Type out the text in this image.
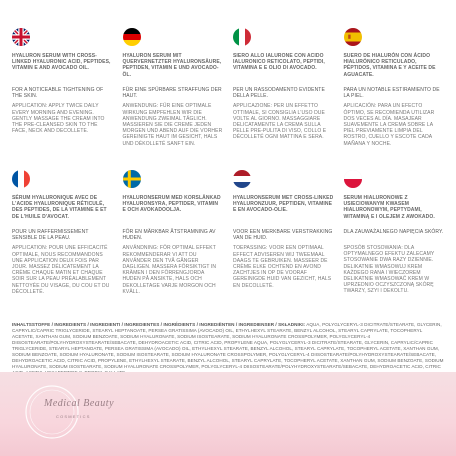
HYALURON SERUM WITH CROSS-LINKED HYALURONIC ACID, PEPTIDES, VITAMIN E AND AVOCADO OIL.
FOR A NOTICEABLE TIGHTENING OF THE SKIN.
APPLICATION: APPLY TWICE DAILY EVERY MORNING AND EVENING. GENTLY MASSAGE THE CREAM INTO THE PRE-CLEANSED SKIN TO THE FACE, NECK AND DECOLLETE.
HYALURON SERUM MIT QUERVERNETZTER HYALURONSÄURE, PEPTIDEN, VITAMIN E UND AVOCADO-ÖL.
FÜR EINE SPÜRBARE STRAFFUNG DER HAUT.
ANWENDUNG: FÜR EINE OPTIMALE WIRKUNG EMPFEHLEN WIR DIE ANWENDUNG ZWEIMAL TÄGLICH. MASSIEREN SIE DIE CREME JEDEN MORGEN UND ABEND AUF DIE VORHER GEREINIGTE HAUT IM GESICHT, HALS UND DÉKOLLETÉ SANFT EIN.
SIERO ALLO IALURONE CON ACIDO IALURONICO RETICOLATO, PEPTIDI, VITAMINA E E OLIO DI AVOCADO.
PER UN RASSODAMENTO EVIDENTE DELLA PELLE.
APPLICAZIONE: PER UN EFFETTO OTTIMALE, SI CONSIGLIA L'USO DUE VOLTE AL GIORNO. MASSAGGIARE DELICATAMENTE LA CREMA SULLA PELLE PRE-PULITA DI VISO, COLLO E DÉCOLLETÉ OGNI MATTINA E SERA.
SUERO DE HIALURÓN CON ÁCIDO HIALURÓNICO RETICULADO, PÉPTIDOS, VITAMINA E Y ACEITE DE AGUACATE.
PARA UN NOTABLE ESTIRAMIENTO DE LA PIEL.
APLICACIÓN: PARA UN EFECTO ÓPTIMO, SE RECOMIENDA UTILIZAR DOS VECES AL DÍA. MASAJEAR SUAVEMENTE LA CREMA SOBRE LA PIEL PREVIAMENTE LIMPIA DEL ROSTRO, CUELLO Y ESCOTE CADA MAÑANA Y NOCHE.
SÉRUM HYALURONIQUE AVEC DE L'ACIDE HYALURONIQUE RÉTICULÉ, DES PEPTIDES, DE LA VITAMINE E ET DE L'HUILE D'AVOCAT.
POUR UN RAFFERMISSEMENT SENSIBLE DE LA PEAU.
APPLICATION: POUR UNE EFFICACITÉ OPTIMALE, NOUS RECOMMANDONS UNE APPLICATION DEUX FOIS PAR JOUR. MASSEZ DÉLICATEMENT LA CRÈME CHAQUE MATIN ET CHAQUE SOIR SUR LA PEAU PRÉALABLEMENT NETTOYÉE DU VISAGE, DU COU ET DU DÉCOLLETÉ.
HYALURONSERUM MED KORSLÄNKAD HYALURONSYRA, PEPTIDER, VITAMIN E OCH AVOKADOOLJA.
FÖR EN MÄRKBAR ÅTSTRAMNING AV HUDEN.
ANVÄNDNING: FÖR OPTIMAL EFFEKT REKOMMENDERAR VI ATT DU ANVÄNDER DEN TVÅ GÅNGER DAGLIGEN. MASSERA FÖRSIKTIGT IN KRÄMEN I DEN FÖRRENGJORDA HUDEN PÅ ANSIKTE, HALS OCH DEKOLLETAGE VARJE MORGON OCH KVÄLL.
HYALURONSERUM MET CROSS-LINKED HYALURONZUUR, PEPTIDEN, VITAMINE E EN AVOCADO-OLIE.
VOOR EEN MERKBARE VERSTRAKKING VAN DE HUID.
TOEPASSING: VOOR EEN OPTIMAAL EFFECT ADVISEREN WIJ TWEEMAAL DAAGS TE GEBRUIKEN. MASSEER DE CRÈME ELKE OCHTEND EN AVOND ZACHTJES IN OP DE VOORAF GEREINIGDE HUID VAN GEZICHT, HALS EN DECOLLETÉ.
SERUM HIALURONOWE Z USIECIOWANYM KWASEM HIALURONOWYM, PEPTYDAMI, WITAMINĄ E I OLEJEM Z AWOKADO.
DLA ZAUWAŻALNEGO NAPIĘCIA SKÓRY.
SPOSÓB STOSOWANIA: DLA OPTYMALNEGO EFEKTU ZALECAMY STOSOWANIE DWA RAZY DZIENNIE. DELIKATNIE WMASOWUJ KREM KAŻDEGO RANA I WIECZOREM DELIKATNIE WMASOWAĆ KREM W UPRZEDNIO OCZYSZCZONĄ SKÓRĘ TWARZY, SZYI I DEKOLTU.
INHALTSSTOFFE / INGREDIENTS / INGREDIENTI / INGREDIENTES / INGRÉDIENTS / INGREDIËNTEN / INGREDIENSER / SKŁADNIKI: AQUA, POLYGLYCERYL-3 DICITRATE/STEARATE, GLYCERIN, CAPRYLIC/CAPRIC TRIGLYCERIDE, STEARYL HEPTANOATE, PERSEA GRATISSIMA (AVOCADO) OIL, ETHYLHEXYL STEARATE, BENZYL ALCOHOL, STEARYL CAPRYLATE, TOCOPHERYL ACETATE, XANTHAN GUM, SODIUM BENZOATE, SODIUM HYALURONATE, SODIUM ISOSTEARATE, SODIUM HYALURONATE CROSSPOLYMER, POLYGLYCERYL-4 DIISOSTEARATE/POLYHYDROXYSTEARATE/SEBACATE, DEHYDROACETIC ACID, CITRIC ACID, PROPYLENE AQUA, POLYGLYCERYL-3 DICITRATE/STEARATE, GLYCERIN, CAPRYLIC/CAPRIC TRIGLYCERIDE, STEARYL HEPTANOATE, PERSEA GRATISSIMA (AVOCADO) OIL, ETHYLHEXYL STEARATE, BENZYL ALCOHOL, STEARYL CAPRYLATE, TOCOPHERYL ACETATE, XANTHAN GUM, SODIUM BENZOATE, SODIUM HYALURONATE, SODIUM ISOSTEARATE, SODIUM HYALURONATE CROSSPOLYMER, POLYGLYCERYL-4 DIISOSTEARATE/POLYHYDROXYSTEARATE/SEBACATE, DEHYDROACETIC ACID, CITRIC ACID, PROPYLENE, ETHYLHEXYL STEARATE, BENZYL ALCOHOL, STEARYL CAPRYLATE, TOCOPHERYL ACETATE, XANTHAN GUM, SODIUM BENZOATE, SODIUM HYALURONATE, SODIUM ISOSTEARATE, SODIUM HYALURONATE CROSSPOLYMER, POLYGLYCERYL-4 DIISOSTEARATE/POLYHYDROXYSTEARATE/SEBACATE, DEHYDROACETIC ACID, CITRIC
Medical Beauty
COSMETICS
